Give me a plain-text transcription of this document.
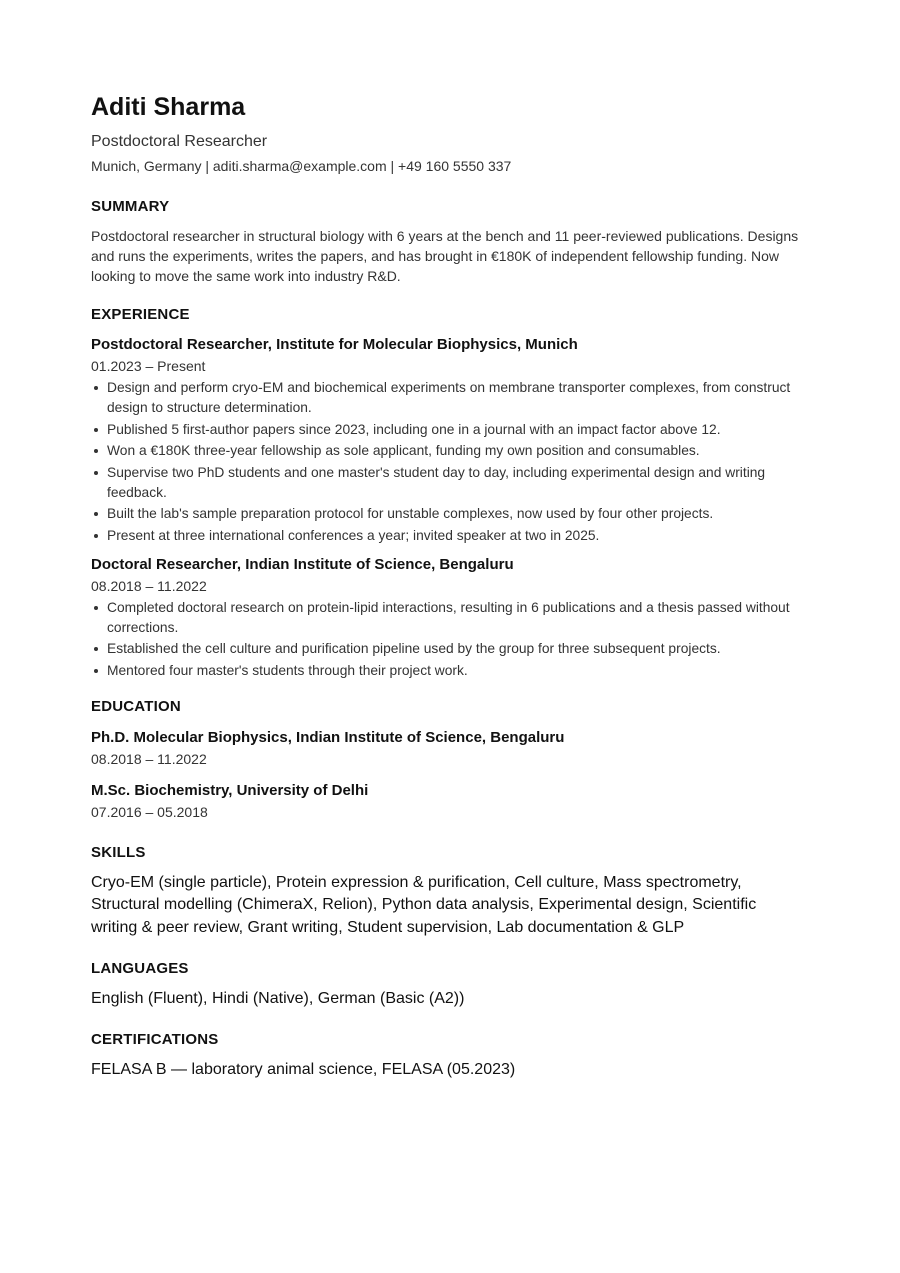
Aditi Sharma
Postdoctoral Researcher
Munich, Germany | aditi.sharma@example.com | +49 160 5550 337
SUMMARY
Postdoctoral researcher in structural biology with 6 years at the bench and 11 peer-reviewed publications. Designs and runs the experiments, writes the papers, and has brought in €180K of independent fellowship funding. Now looking to move the same work into industry R&D.
EXPERIENCE
Postdoctoral Researcher, Institute for Molecular Biophysics, Munich
01.2023 – Present
Design and perform cryo-EM and biochemical experiments on membrane transporter complexes, from construct design to structure determination.
Published 5 first-author papers since 2023, including one in a journal with an impact factor above 12.
Won a €180K three-year fellowship as sole applicant, funding my own position and consumables.
Supervise two PhD students and one master's student day to day, including experimental design and writing feedback.
Built the lab's sample preparation protocol for unstable complexes, now used by four other projects.
Present at three international conferences a year; invited speaker at two in 2025.
Doctoral Researcher, Indian Institute of Science, Bengaluru
08.2018 – 11.2022
Completed doctoral research on protein-lipid interactions, resulting in 6 publications and a thesis passed without corrections.
Established the cell culture and purification pipeline used by the group for three subsequent projects.
Mentored four master's students through their project work.
EDUCATION
Ph.D. Molecular Biophysics, Indian Institute of Science, Bengaluru
08.2018 – 11.2022
M.Sc. Biochemistry, University of Delhi
07.2016 – 05.2018
SKILLS
Cryo-EM (single particle), Protein expression & purification, Cell culture, Mass spectrometry, Structural modelling (ChimeraX, Relion), Python data analysis, Experimental design, Scientific writing & peer review, Grant writing, Student supervision, Lab documentation & GLP
LANGUAGES
English (Fluent), Hindi (Native), German (Basic (A2))
CERTIFICATIONS
FELASA B — laboratory animal science, FELASA (05.2023)
